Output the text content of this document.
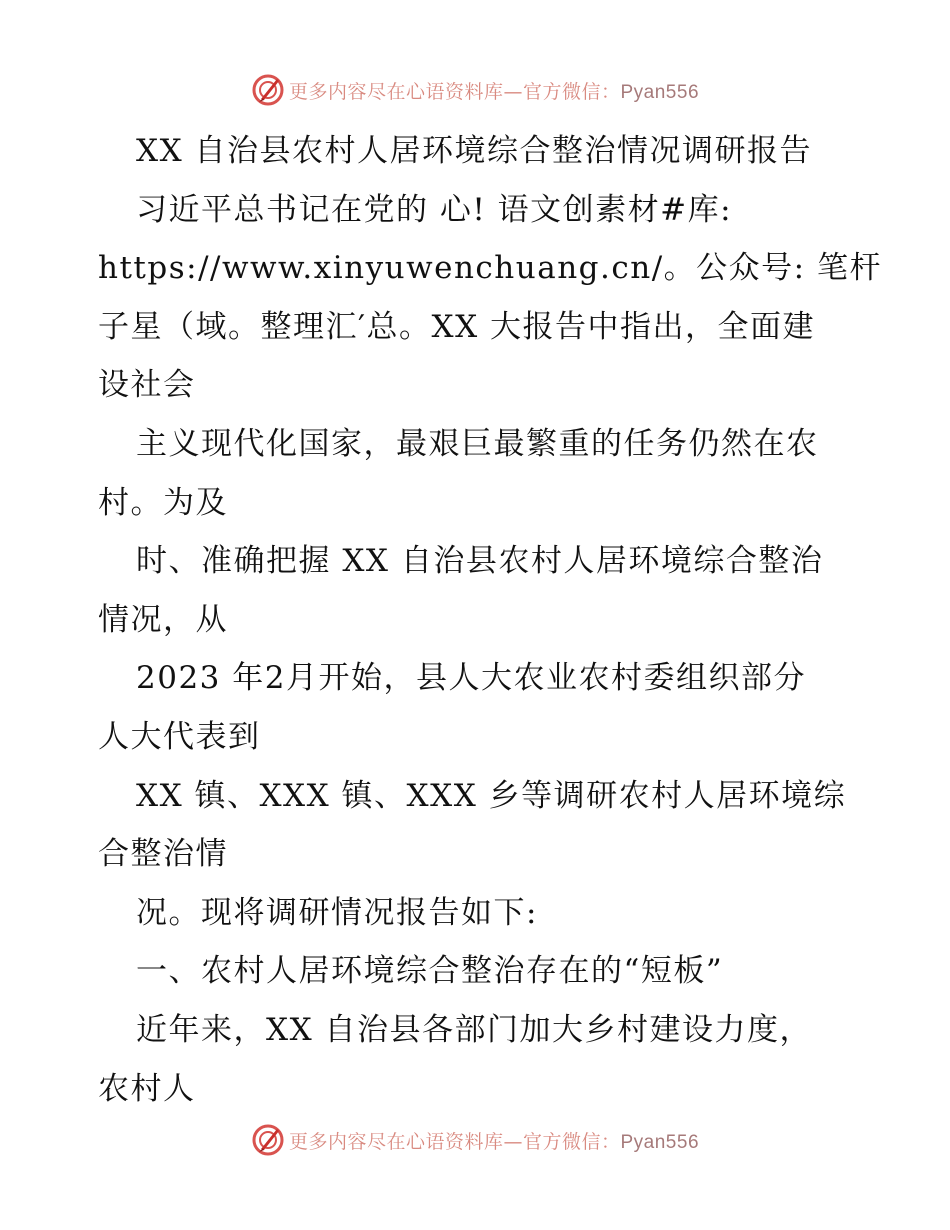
更多内容尽在心语资料库—官方微信：Pyan556
XX 自治县农村人居环境综合整治情况调研报告
习近平总书记在党的 心! 语文创素材#库:
https://www.xinyuwenchuang.cn/。公众号: 笔杆
子星（域。整理汇′总。XX 大报告中指出，全面建
设社会
主义现代化国家，最艰巨最繁重的任务仍然在农
村。为及
时、准确把握 XX 自治县农村人居环境综合整治
情况，从
2023 年2月开始，县人大农业农村委组织部分
人大代表到
XX 镇、XXX 镇、XXX 乡等调研农村人居环境综
合整治情
况。现将调研情况报告如下:
一、农村人居环境综合整治存在的“短板”
近年来，XX 自治县各部门加大乡村建设力度，
农村人
更多内容尽在心语资料库—官方微信：Pyan556
